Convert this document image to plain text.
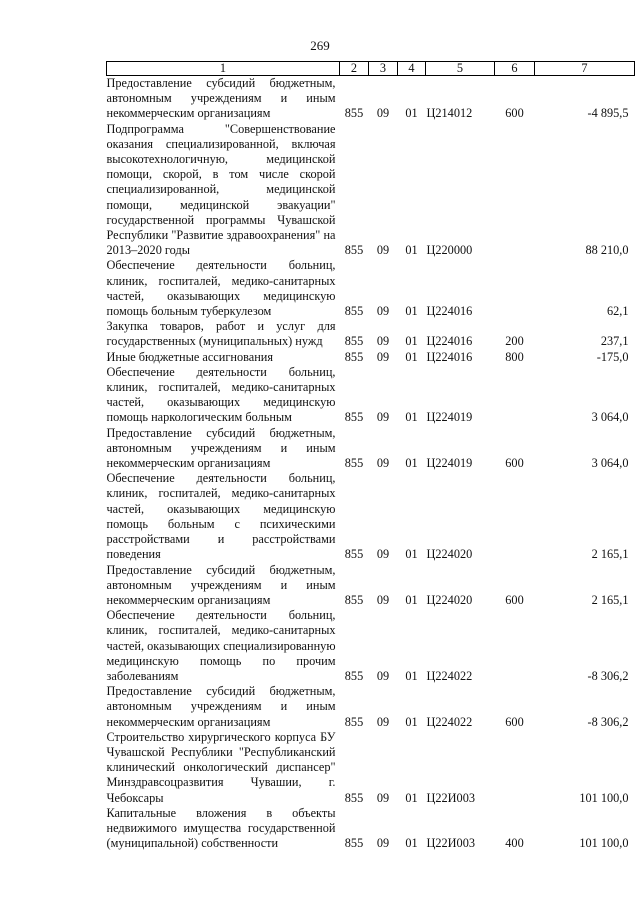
269
1	2	3	4	5	6	7
Предоставление субсидий бюджетным, автономным учреждениям и иным некоммерческим организациям	855	09	01	Ц214012	600	-4 895,5
Подпрограмма "Совершенствование оказания специализированной, включая высокотехнологичную, медицинской помощи, скорой, в том числе скорой специализированной, медицинской помощи, медицинской эвакуации" государственной программы Чувашской Республики "Развитие здравоохранения" на 2013–2020 годы	855	09	01	Ц220000		88 210,0
Обеспечение деятельности больниц, клиник, госпиталей, медико-санитарных частей, оказывающих медицинскую помощь больным туберкулезом	855	09	01	Ц224016		62,1
Закупка товаров, работ и услуг для государственных (муниципальных) нужд	855	09	01	Ц224016	200	237,1
Иные бюджетные ассигнования	855	09	01	Ц224016	800	-175,0
Обеспечение деятельности больниц, клиник, госпиталей, медико-санитарных частей, оказывающих медицинскую помощь наркологическим больным	855	09	01	Ц224019		3 064,0
Предоставление субсидий бюджетным, автономным учреждениям и иным некоммерческим организациям	855	09	01	Ц224019	600	3 064,0
Обеспечение деятельности больниц, клиник, госпиталей, медико-санитарных частей, оказывающих медицинскую помощь больным с психическими расстройствами и расстройствами поведения	855	09	01	Ц224020		2 165,1
Предоставление субсидий бюджетным, автономным учреждениям и иным некоммерческим организациям	855	09	01	Ц224020	600	2 165,1
Обеспечение деятельности больниц, клиник, госпиталей, медико-санитарных частей, оказывающих специализированную медицинскую помощь по прочим заболеваниям	855	09	01	Ц224022		-8 306,2
Предоставление субсидий бюджетным, автономным учреждениям и иным некоммерческим организациям	855	09	01	Ц224022	600	-8 306,2
Строительство хирургического корпуса БУ Чувашской Республики "Республиканский клинический онкологический диспансер" Минздравсоцразвития Чувашии, г. Чебоксары	855	09	01	Ц22И003		101 100,0
Капитальные вложения в объекты недвижимого имущества государственной (муниципальной) собственности	855	09	01	Ц22И003	400	101 100,0
